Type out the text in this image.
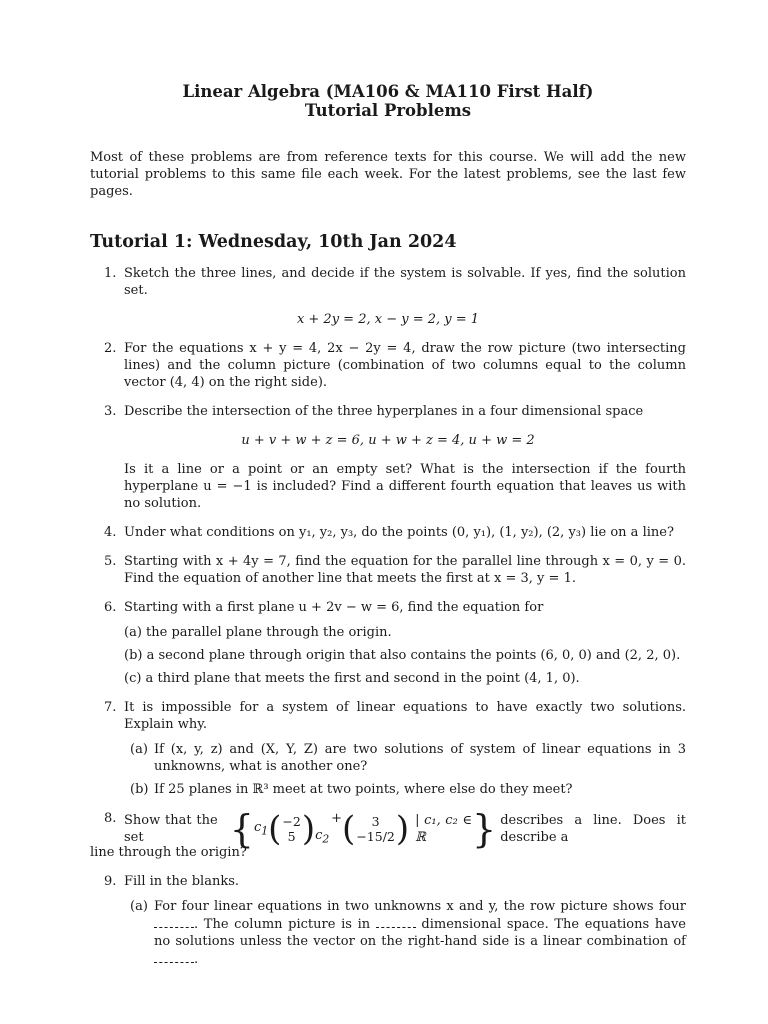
Linear Algebra (MA106 & MA110 First Half)
Tutorial Problems
Most of these problems are from reference texts for this course. We will add the new tutorial problems to this same file each week. For the latest problems, see the last few pages.
Tutorial 1: Wednesday, 10th Jan 2024
1. Sketch the three lines, and decide if the system is solvable. If yes, find the solution set.
x + 2y = 2, x − y = 2, y = 1
2. For the equations x + y = 4, 2x − 2y = 4, draw the row picture (two intersecting lines) and the column picture (combination of two columns equal to the column vector (4, 4) on the right side).
3. Describe the intersection of the three hyperplanes in a four dimensional space
u + v + w + z = 6, u + w + z = 4, u + w = 2
Is it a line or a point or an empty set? What is the intersection if the fourth hyperplane u = −1 is included? Find a different fourth equation that leaves us with no solution.
4. Under what conditions on y₁, y₂, y₃, do the points (0, y₁), (1, y₂), (2, y₃) lie on a line?
5. Starting with x + 4y = 7, find the equation for the parallel line through x = 0, y = 0. Find the equation of another line that meets the first at x = 3, y = 1.
6. Starting with a first plane u + 2v − w = 6, find the equation for
(a) the parallel plane through the origin.
(b) a second plane through origin that also contains the points (6, 0, 0) and (2, 2, 0).
(c) a third plane that meets the first and second in the point (4, 1, 0).
7. It is impossible for a system of linear equations to have exactly two solutions. Explain why.
(a) If (x, y, z) and (X, Y, Z) are two solutions of system of linear equations in 3 unknowns, what is another one?
(b) If 25 planes in ℝ³ meet at two points, where else do they meet?
8. Show that the set	{ $c_1$ ( −2
5 )	+ $c_2$ ( 3
−15/2 ) | c₁, c₂ ∈ ℝ	} describes a line. Does it describe a
line through the origin?
9. Fill in the blanks.
(a) For four linear equations in two unknowns x and y, the row picture shows four . The column picture is in	dimensional space. The equations have no solutions unless the vector on the right-hand side is a linear combination of .
